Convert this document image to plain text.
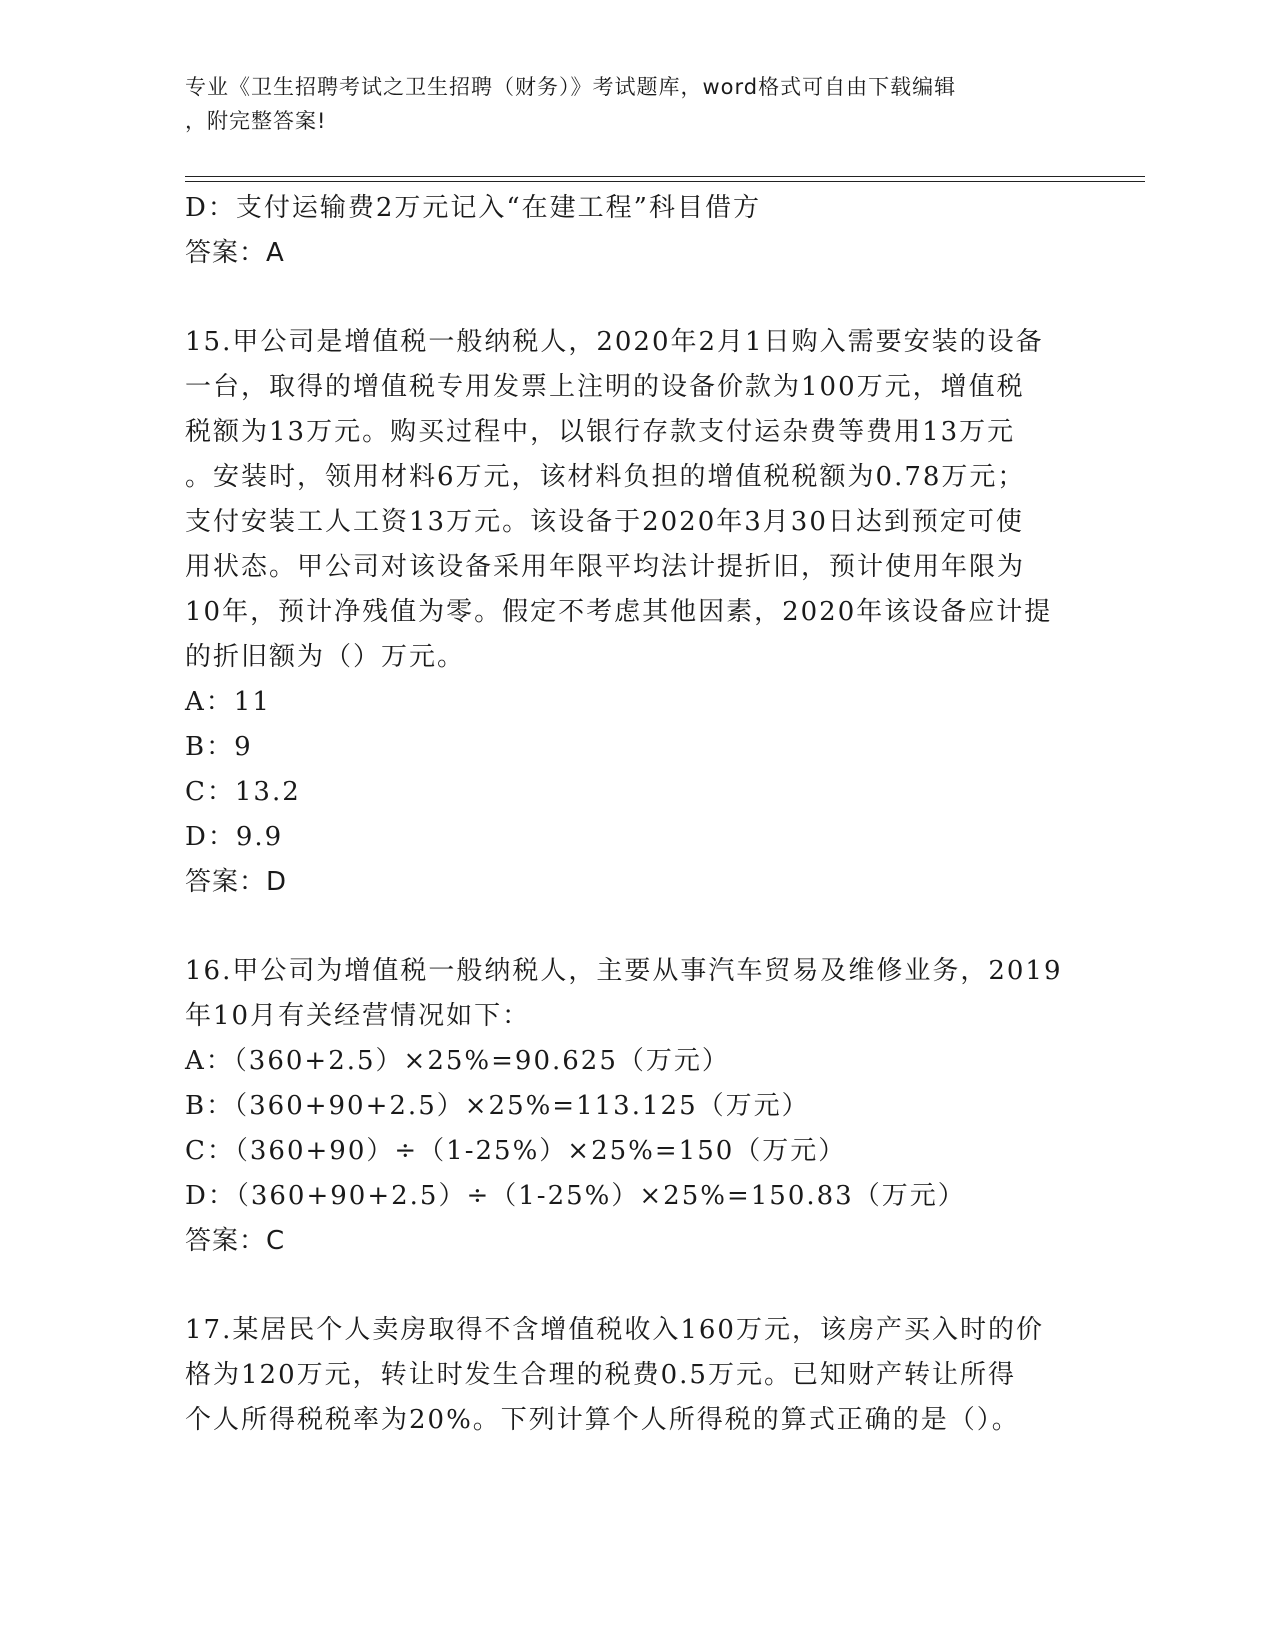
专业《卫生招聘考试之卫生招聘（财务）》考试题库，word格式可自由下载编辑
，附完整答案!
D：支付运输费2万元记入“在建工程”科目借方
答案：A
15.甲公司是增值税一般纳税人，2020年2月1日购入需要安装的设备
一台，取得的增值税专用发票上注明的设备价款为100万元，增值税
税额为13万元。购买过程中，以银行存款支付运杂费等费用13万元
。安装时，领用材料6万元，该材料负担的增值税税额为0.78万元；
支付安装工人工资13万元。该设备于2020年3月30日达到预定可使
用状态。甲公司对该设备采用年限平均法计提折旧，预计使用年限为
10年，预计净残值为零。假定不考虑其他因素，2020年该设备应计提
的折旧额为（）万元。
A：11
B：9
C：13.2
D：9.9
答案：D
16.甲公司为增值税一般纳税人，主要从事汽车贸易及维修业务，2019
年10月有关经营情况如下：
A：（360+2.5）×25%=90.625（万元）
B：（360+90+2.5）×25%=113.125（万元）
C：（360+90）÷（1-25%）×25%=150（万元）
D：（360+90+2.5）÷（1-25%）×25%=150.83（万元）
答案：C
17.某居民个人卖房取得不含增值税收入160万元，该房产买入时的价
格为120万元，转让时发生合理的税费0.5万元。已知财产转让所得
个人所得税税率为20%。下列计算个人所得税的算式正确的是（）。
